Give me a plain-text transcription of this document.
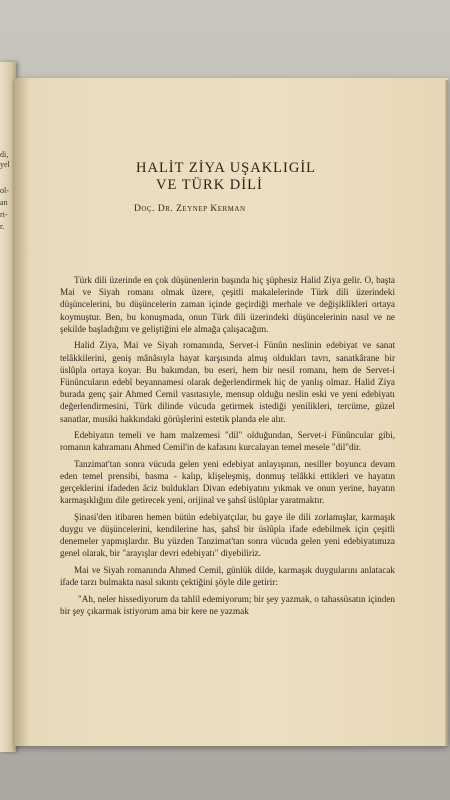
di,
yel
ol-
an
ri-
r.
HALİT ZİYA UŞAKLIGİL
VE TÜRK DİLİ
Doç. Dr. Zeynep Kerman

Türk dili üzerinde en çok düşünenlerin başında hiç şüphesiz Halid Ziya gelir. O, başta Mai ve Siyah romanı olmak üzere, çeşitli makalelerinde Türk dili üzerindeki düşüncelerini, bu düşüncelerin zaman içinde geçirdiği merhale ve değişiklikleri ortaya koymuştur. Ben, bu konuşmada, onun Türk dili üzerindeki düşüncelerinin nasıl ve ne şekilde başladığını ve geliştiğini ele almağa çalışacağım.

Halid Ziya, Mai ve Siyah romanında, Servet-i Fünûn neslinin edebiyat ve sanat telâkkilerini, geniş mânâsıyla hayat karşısında almış oldukları tavrı, sanatkârane bir üslûpla ortaya koyar. Bu bakımdan, bu eseri, hem bir nesil romanı, hem de Servet-i Fünûncuların edebî beyannamesi olarak değerlendirmek hiç de yanlış olmaz. Halid Ziya burada genç şair Ahmed Cemil vasıtasıyle, mensup olduğu neslin eski ve yeni edebiyatı değerlendirmesini, Türk dilinde vücuda getirmek istediği yenilikleri, tercüme, güzel sanatlar, musiki hakkındaki görüşlerini estetik planda ele alır.

Edebiyatın temeli ve ham malzemesi "dil" olduğundan, Servet-i Fünûncular gibi, romanın kahramanı Ahmed Cemil'in de kafasını kurcalayan temel mesele "dil"dir.

Tanzimat'tan sonra vücuda gelen yeni edebiyat anlayışının, nesiller boyunca devam eden temel prensibi, basma - kalıp, klişeleşmiş, donmuş telâkki ettikleri ve hayatın gerçeklerini ifadeden âciz buldukları Divan edebiyatını yıkmak ve onun yerine, hayatın karmaşıklığını dile getirecek yeni, orijinal ve şahsî üslûplar yaratmaktır.

Şinasi'den itibaren hemen bütün edebiyatçılar, bu gaye ile dili zorlamışlar, karmaşık duygu ve düşüncelerini, kendilerine has, şahsî bir üslûpla ifade edebilmek için çeşitli denemeler yapmışlardır. Bu yüzden Tanzimat'tan sonra vücuda gelen yeni edebiyatımıza genel olarak, bir "arayışlar devri edebiyatı" diyebiliriz.

Mai ve Siyah romanında Ahmed Cemil, günlük dilde, karmaşık duygularını anlatacak ifade tarzı bulmakta nasıl sıkıntı çektiğini şöyle dile getirir:

"Ah, neler hissediyorum da tahlil edemiyorum; bir şey yazmak, o tahassüsatın içinden bir şey çıkarmak istiyorum ama bir kere ne yazmak
